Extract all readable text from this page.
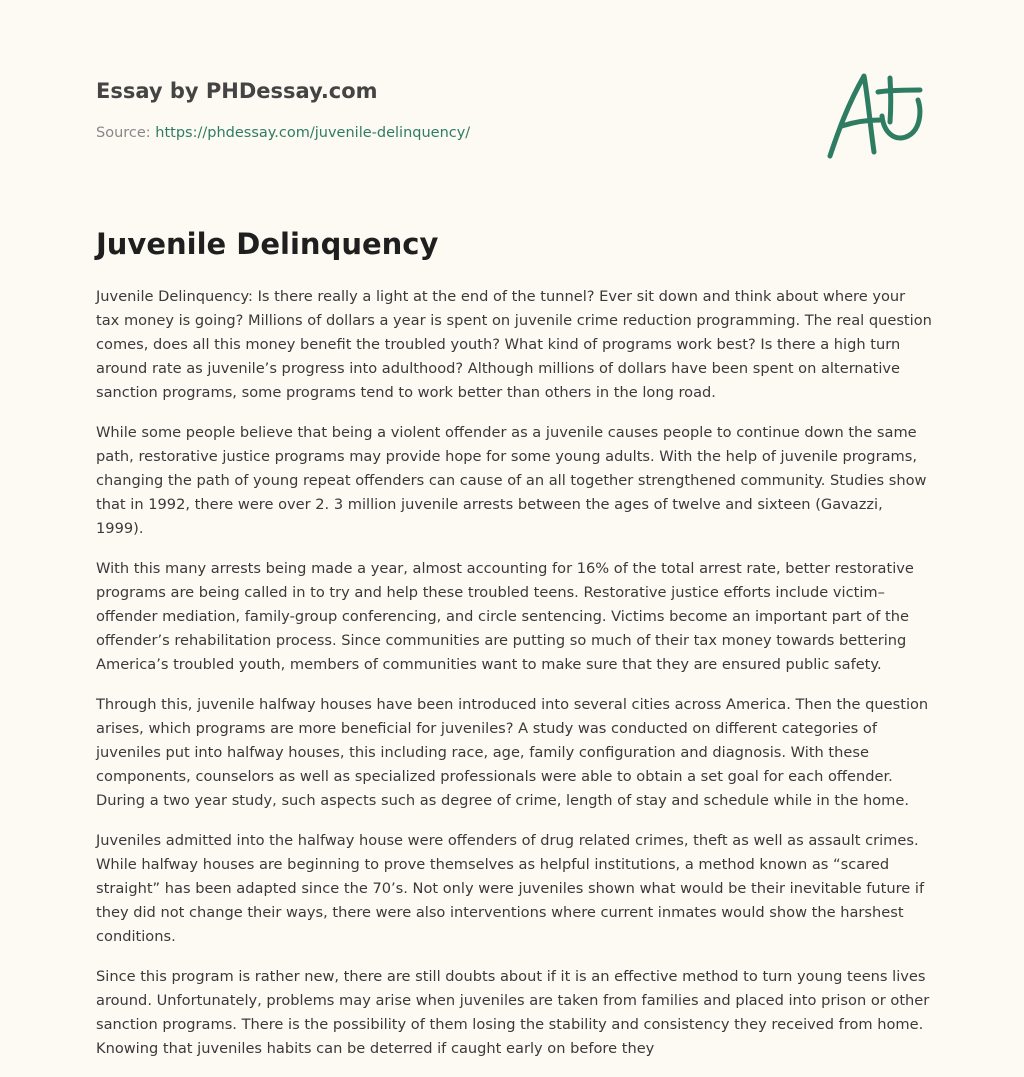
Essay by PHDessay.com
Source: https://phdessay.com/juvenile-delinquency/
Juvenile Delinquency

Juvenile Delinquency: Is there really a light at the end of the tunnel? Ever sit down and think about where your tax money is going? Millions of dollars a year is spent on juvenile crime reduction programming. The real question comes, does all this money benefit the troubled youth? What kind of programs work best? Is there a high turn around rate as juvenile’s progress into adulthood? Although millions of dollars have been spent on alternative sanction programs, some programs tend to work better than others in the long road.

While some people believe that being a violent offender as a juvenile causes people to continue down the same path, restorative justice programs may provide hope for some young adults. With the help of juvenile programs, changing the path of young repeat offenders can cause of an all together strengthened community. Studies show that in 1992, there were over 2. 3 million juvenile arrests between the ages of twelve and sixteen (Gavazzi, 1999).

With this many arrests being made a year, almost accounting for 16% of the total arrest rate, better restorative programs are being called in to try and help these troubled teens. Restorative justice efforts include victim–offender mediation, family-group conferencing, and circle sentencing. Victims become an important part of the offender’s rehabilitation process. Since communities are putting so much of their tax money towards bettering America’s troubled youth, members of communities want to make sure that they are ensured public safety.

Through this, juvenile halfway houses have been introduced into several cities across America. Then the question arises, which programs are more beneficial for juveniles? A study was conducted on different categories of juveniles put into halfway houses, this including race, age, family configuration and diagnosis. With these components, counselors as well as specialized professionals were able to obtain a set goal for each offender. During a two year study, such aspects such as degree of crime, length of stay and schedule while in the home.

Juveniles admitted into the halfway house were offenders of drug related crimes, theft as well as assault crimes. While halfway houses are beginning to prove themselves as helpful institutions, a method known as “scared straight” has been adapted since the 70’s. Not only were juveniles shown what would be their inevitable future if they did not change their ways, there were also interventions where current inmates would show the harshest conditions.

Since this program is rather new, there are still doubts about if it is an effective method to turn young teens lives around. Unfortunately, problems may arise when juveniles are taken from families and placed into prison or other sanction programs. There is the possibility of them losing the stability and consistency they received from home. Knowing that juveniles habits can be deterred if caught early on before they
